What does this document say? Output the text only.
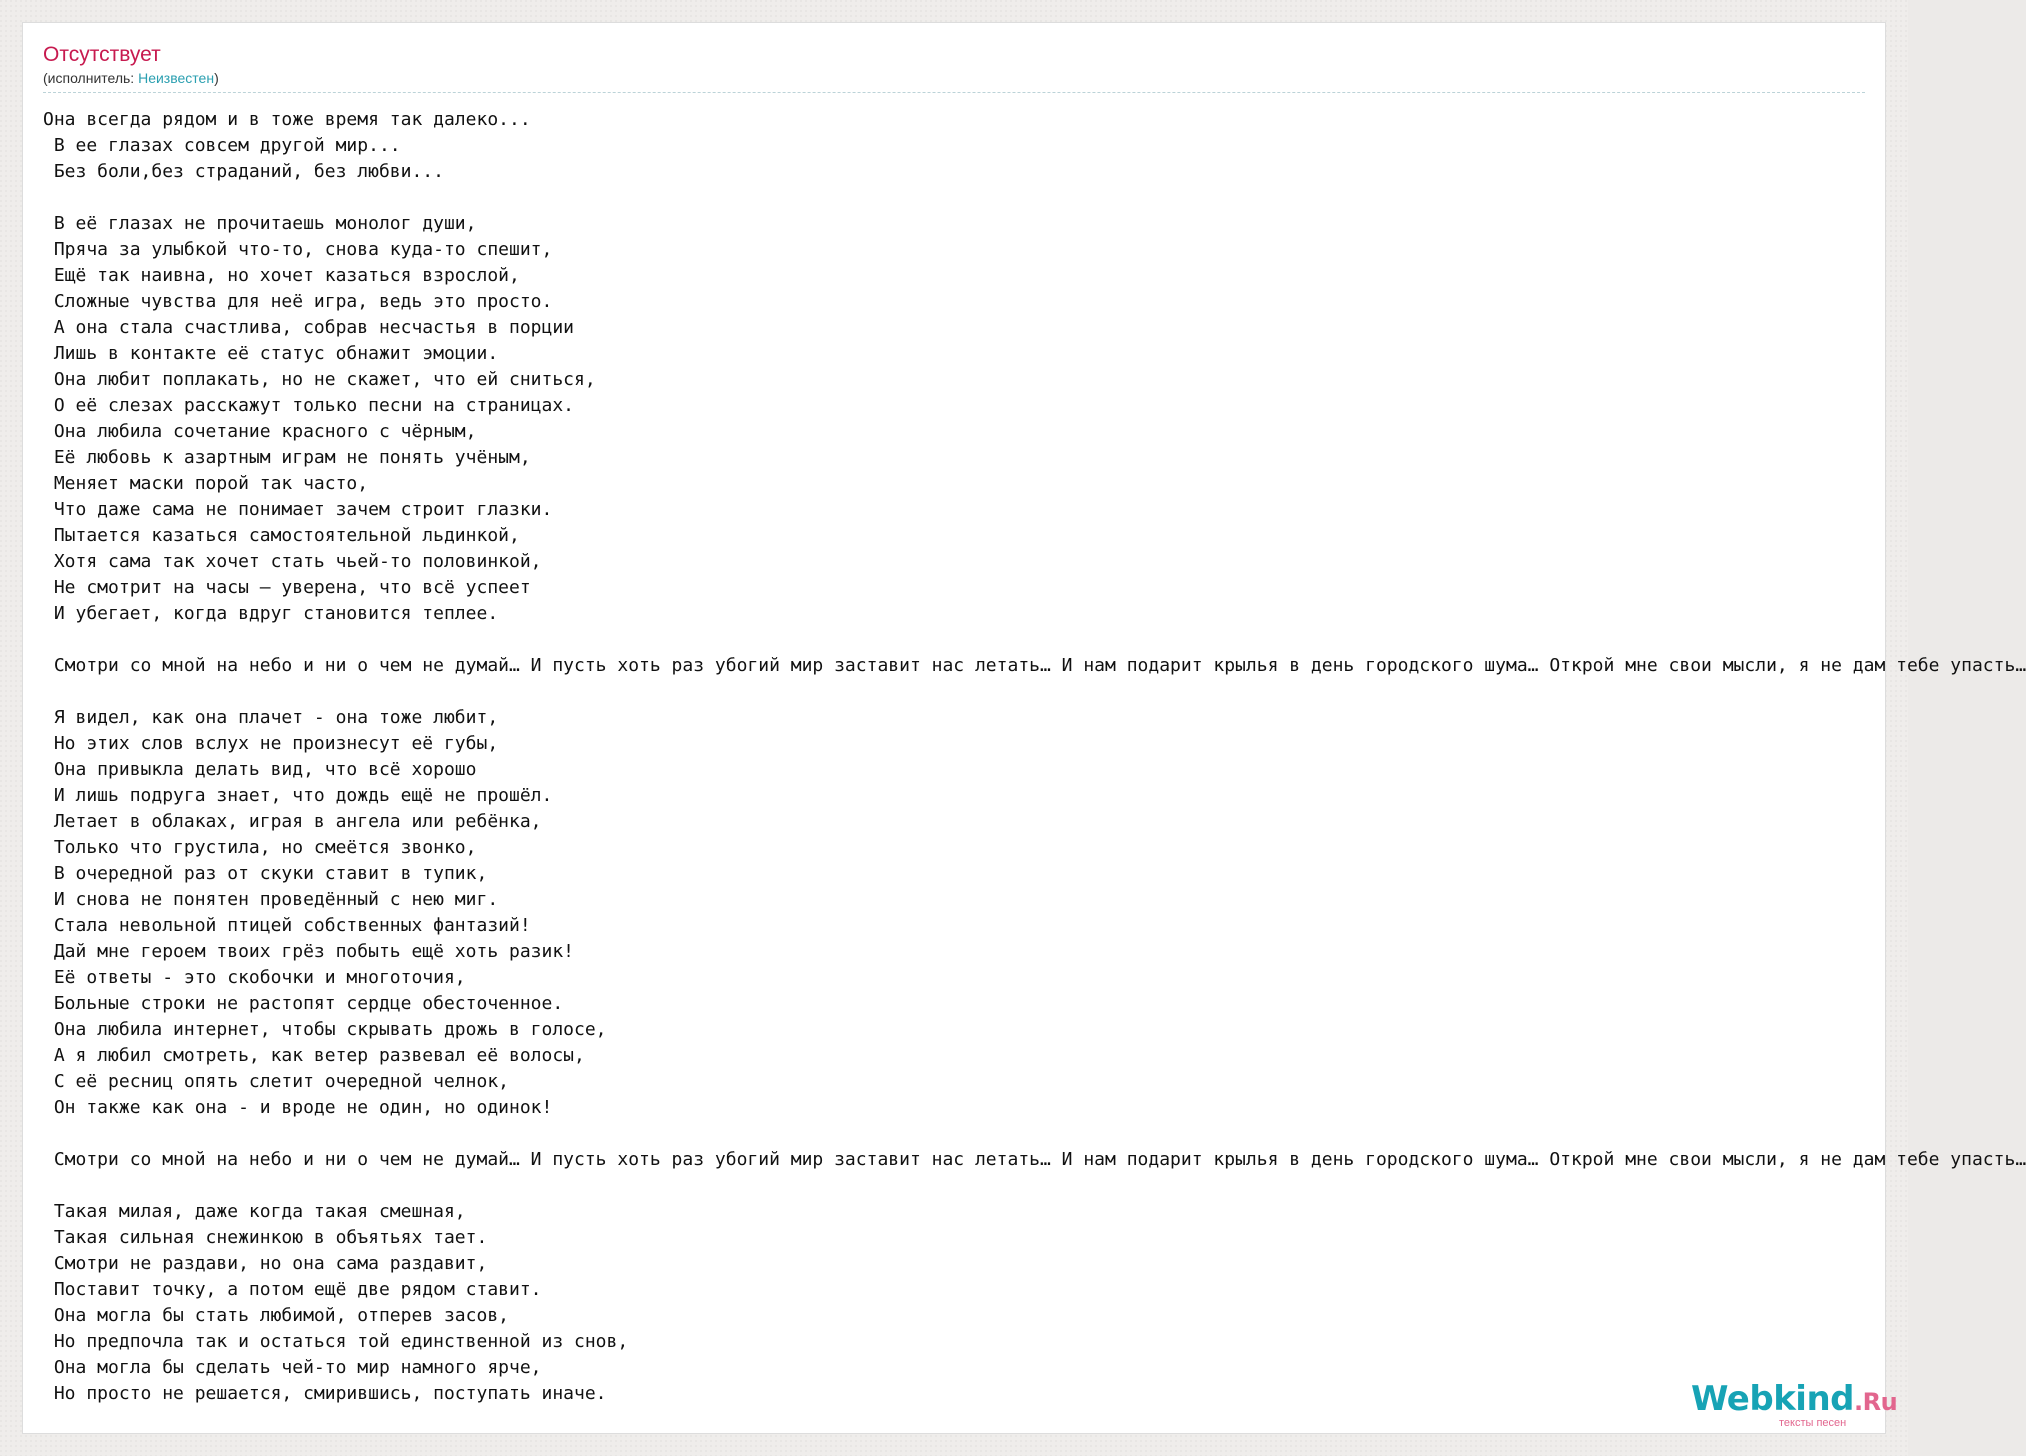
Отсутствует
(исполнитель: Неизвестен)
Она всегда рядом и в тоже время так далеко...
В ее глазах совсем другой мир...
Без боли,без страданий, без любви...

В её глазах не прочитаешь монолог души,
Пряча за улыбкой что-то, снова куда-то спешит,
Ещё так наивна, но хочет казаться взрослой,
Сложные чувства для неё игра, ведь это просто.
А она стала счастлива, собрав несчастья в порции
Лишь в контакте её статус обнажит эмоции.
Она любит поплакать, но не скажет, что ей сниться,
О её слезах расскажут только песни на страницах.
Она любила сочетание красного с чёрным,
Её любовь к азартным играм не понять учёным,
Меняет маски порой так часто,
Что даже сама не понимает зачем строит глазки.
Пытается казаться самостоятельной льдинкой,
Хотя сама так хочет стать чьей-то половинкой,
Не смотрит на часы – уверена, что всё успеет
И убегает, когда вдруг становится теплее.

Смотри со мной на небо и ни о чем не думай… И пусть хоть раз убогий мир заставит нас летать… И нам подарит крылья в день городского шума… Открой мне свои мысли, я не дам тебе упасть…

Я видел, как она плачет - она тоже любит,
Но этих слов вслух не произнесут её губы,
Она привыкла делать вид, что всё хорошо
И лишь подруга знает, что дождь ещё не прошёл.
Летает в облаках, играя в ангела или ребёнка,
Только что грустила, но смеётся звонко,
В очередной раз от скуки ставит в тупик,
И снова не понятен проведённый с нею миг.
Стала невольной птицей собственных фантазий!
Дай мне героем твоих грёз побыть ещё хоть разик!
Её ответы - это скобочки и многоточия,
Больные строки не растопят сердце обесточенное.
Она любила интернет, чтобы скрывать дрожь в голосе,
А я любил смотреть, как ветер развевал её волосы,
С её ресниц опять слетит очередной челнок,
Он также как она - и вроде не один, но одинок!

Смотри со мной на небо и ни о чем не думай… И пусть хоть раз убогий мир заставит нас летать… И нам подарит крылья в день городского шума… Открой мне свои мысли, я не дам тебе упасть…

Такая милая, даже когда такая смешная,
Такая сильная снежинкою в объятьях тает.
Смотри не раздави, но она сама раздавит,
Поставит точку, а потом ещё две рядом ставит.
Она могла бы стать любимой, отперев засов,
Но предпочла так и остаться той единственной из снов,
Она могла бы сделать чей-то мир намного ярче,
Но просто не решается, смирившись, поступать иначе.	Webkind.Ru
тексты песен
